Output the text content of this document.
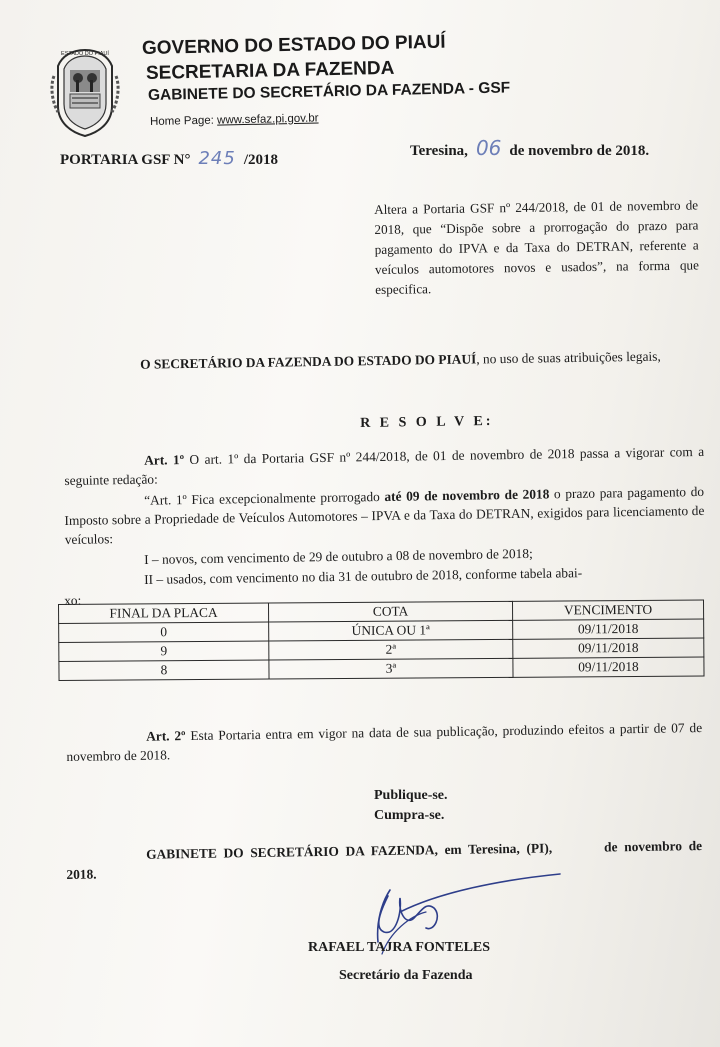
ESTADO DO PIAUÍ GOVERNO DO ESTADO DO PIAUÍ
SECRETARIA DA FAZENDA
GABINETE DO SECRETÁRIO DA FAZENDA - GSF
Home Page: www.sefaz.pi.gov.br
PORTARIA GSF N° 245 /2018
Teresina, 06 de novembro de 2018.
Altera a Portaria GSF nº 244/2018, de 01 de novembro de 2018, que “Dispõe sobre a prorrogação do prazo para pagamento do IPVA e da Taxa do DETRAN, referente a veículos automotores novos e usados”, na forma que especifica.
O SECRETÁRIO DA FAZENDA DO ESTADO DO PIAUÍ, no uso de suas atribuições legais,
R E S O L V E:
Art. 1º O art. 1º da Portaria GSF nº 244/2018, de 01 de novembro de 2018 passa a vigorar com a seguinte redação:
“Art. 1º Fica excepcionalmente prorrogado até 09 de novembro de 2018 o prazo para pagamento do Imposto sobre a Propriedade de Veículos Automotores – IPVA e da Taxa do DETRAN, exigidos para licenciamento de veículos:
I – novos, com vencimento de 29 de outubro a 08 de novembro de 2018;
II – usados, com vencimento no dia 31 de outubro de 2018, conforme tabela abai-
xo:
FINAL DA PLACA	COTA	VENCIMENTO
0	ÚNICA OU 1ª	09/11/2018
9	2ª	09/11/2018
8	3ª	09/11/2018
Art. 2º Esta Portaria entra em vigor na data de sua publicação, produzindo efeitos a partir de 07 de novembro de 2018.
Publique-se.
Cumpra-se.
GABINETE DO SECRETÁRIO DA FAZENDA, em Teresina, (PI),	de novembro de 2018.
RAFAEL TAJRA FONTELES
Secretário da Fazenda
